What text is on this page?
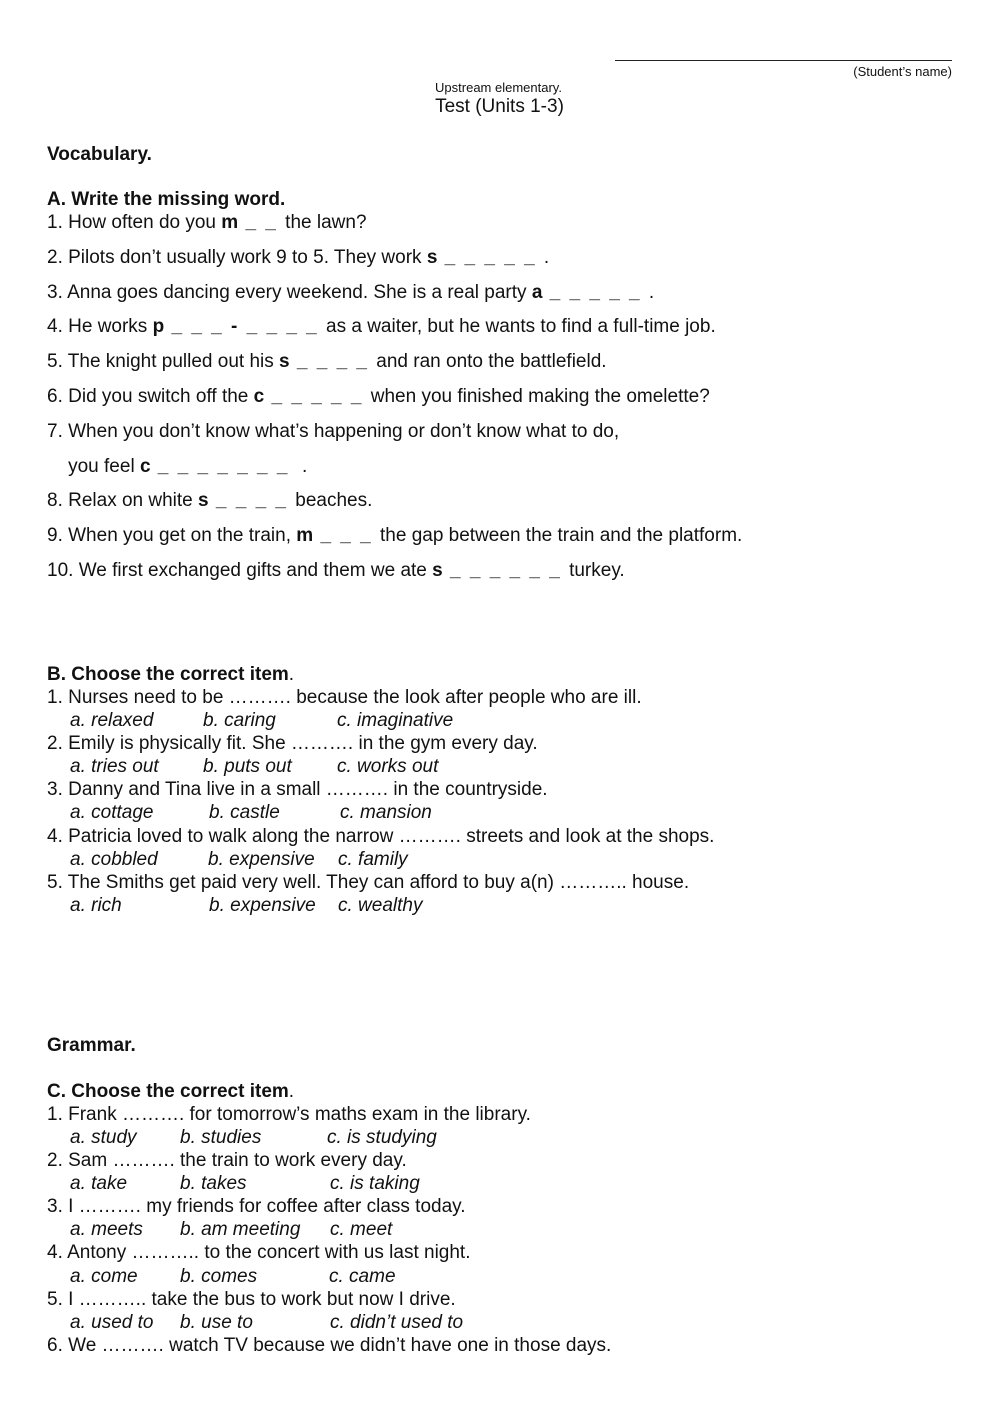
(Student’s name)
Upstream elementary.
Test (Units 1-3)
Vocabulary.
A. Write the missing word.
1. How often do you m _ _ the lawn?
2. Pilots don’t usually work 9 to 5. They work s _ _ _ _ _ .
3. Anna goes dancing every weekend. She is a real party a _ _ _ _ _ .
4. He works p _ _ _ - _ _ _ _ as a waiter, but he wants to find a full-time job.
5. The knight pulled out his s _ _ _ _ and ran onto the battlefield.
6. Did you switch off the c _ _ _ _ _ when you finished making the omelette?
7. When you don’t know what’s happening or don’t know what to do,
you feel c _ _ _ _ _ _ _  .
8. Relax on white s _ _ _ _ beaches.
9. When you get on the train, m _ _ _ the gap between the train and the platform.
10. We first exchanged gifts and them we ate s _ _ _ _ _ _ turkey.
B. Choose the correct item.
1. Nurses need to be ………. because the look after people who are ill.
a. relaxed	b. caring	c. imaginative
2. Emily is physically fit. She ………. in the gym every day.
a. tries out b. puts out c. works out
3. Danny and Tina live in a small ………. in the countryside.
a. cottage	b. castle	c. mansion
4. Patricia loved to walk along the narrow ………. streets and look at the shops.
a. cobbled	b. expensive c. family
5. The Smiths get paid very well. They can afford to buy a(n) ……….. house.
a. rich	b. expensive c. wealthy
Grammar.
C. Choose the correct item.
1. Frank ………. for tomorrow’s maths exam in the library.
a. study b. studies	c. is studying
2. Sam ………. the train to work every day.
a. take	b. takes	c. is taking
3. I ………. my friends for coffee after class today.
a. meets b. am meeting c. meet
4. Antony ……….. to the concert with us last night.
a. come b. comes	c. came
5. I ……….. take the bus to work but now I drive.
a. used to b. use to	c. didn’t used to
6. We ………. watch TV because we didn’t have one in those days.
